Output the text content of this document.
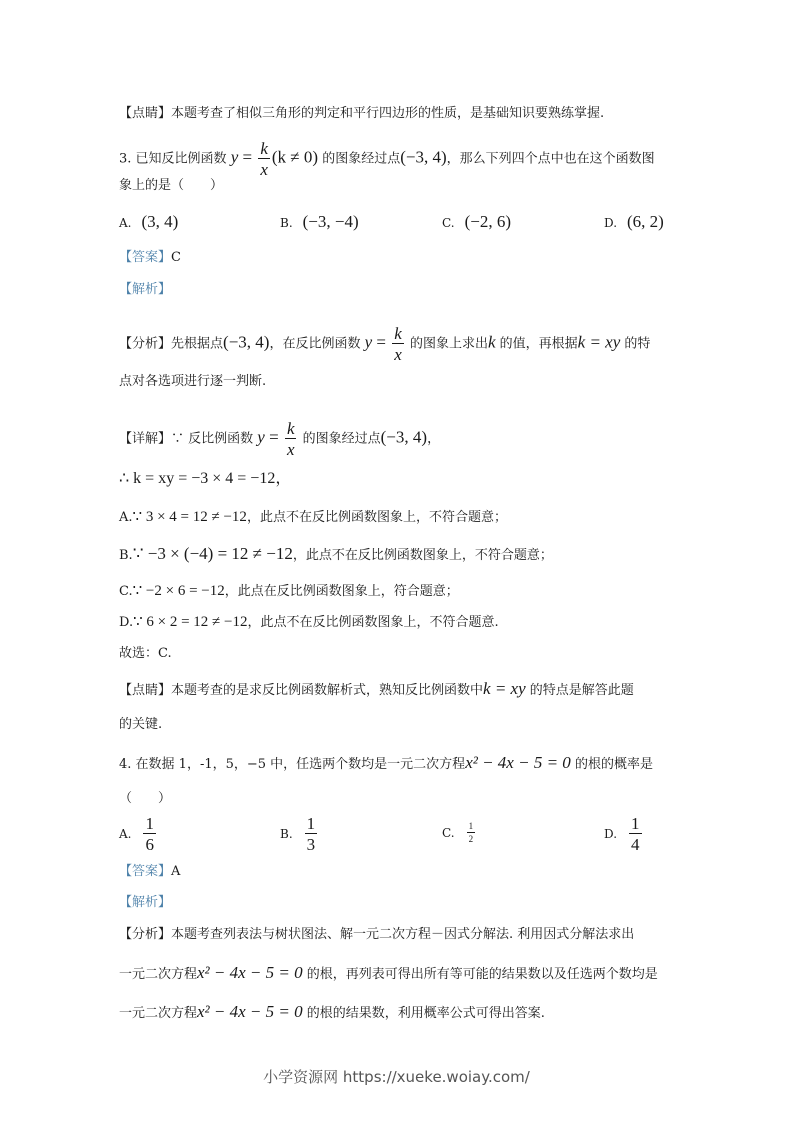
【点睛】本题考查了相似三角形的判定和平行四边形的性质，是基础知识要熟练掌握.
3. 已知反比例函数 $y = \frac{k}{x} (k \ne 0)$ 的图象经过点(−3, 4)，那么下列四个点中也在这个函数图
象上的是（　　）
A. (3, 4)	B. (−3, −4)	C. (−2, 6)	D. (6, 2)
【答案】C
【解析】
【分析】先根据点(−3, 4)，在反比例函数 $y = \frac{k}{x}$ 的图象上求出k 的值，再根据k = xy 的特
点对各选项进行逐一判断.
【详解】∵ 反比例函数 $y = \frac{k}{x}$ 的图象经过点(−3, 4)，
∴ k = xy = −3 × 4 = −12，
A.∵ 3 × 4 = 12 ≠ −12，此点不在反比例函数图象上，不符合题意；
B.∵ −3 × (−4) = 12 ≠ −12，此点不在反比例函数图象上，不符合题意；
C.∵ −2 × 6 = −12，此点在反比例函数图象上，符合题意；
D.∵ 6 × 2 = 12 ≠ −12，此点不在反比例函数图象上，不符合题意.
故选：C.
【点睛】本题考查的是求反比例函数解析式，熟知反比例函数中k = xy 的特点是解答此题
的关键.
4. 在数据 1，-1，5，−5 中，任选两个数均是一元二次方程x² − 4x − 5 = 0 的根的概率是
（　　）
A. $\frac{1}{6}$	B. $\frac{1}{3}$	C. $\frac{1}{2}$	D. $\frac{1}{4}$
【答案】A
【解析】
【分析】本题考查列表法与树状图法、解一元二次方程－因式分解法. 利用因式分解法求出
一元二次方程x² − 4x − 5 = 0 的根，再列表可得出所有等可能的结果数以及任选两个数均是
一元二次方程x² − 4x − 5 = 0 的根的结果数，利用概率公式可得出答案.
小学资源网 https://xueke.woiay.com/
